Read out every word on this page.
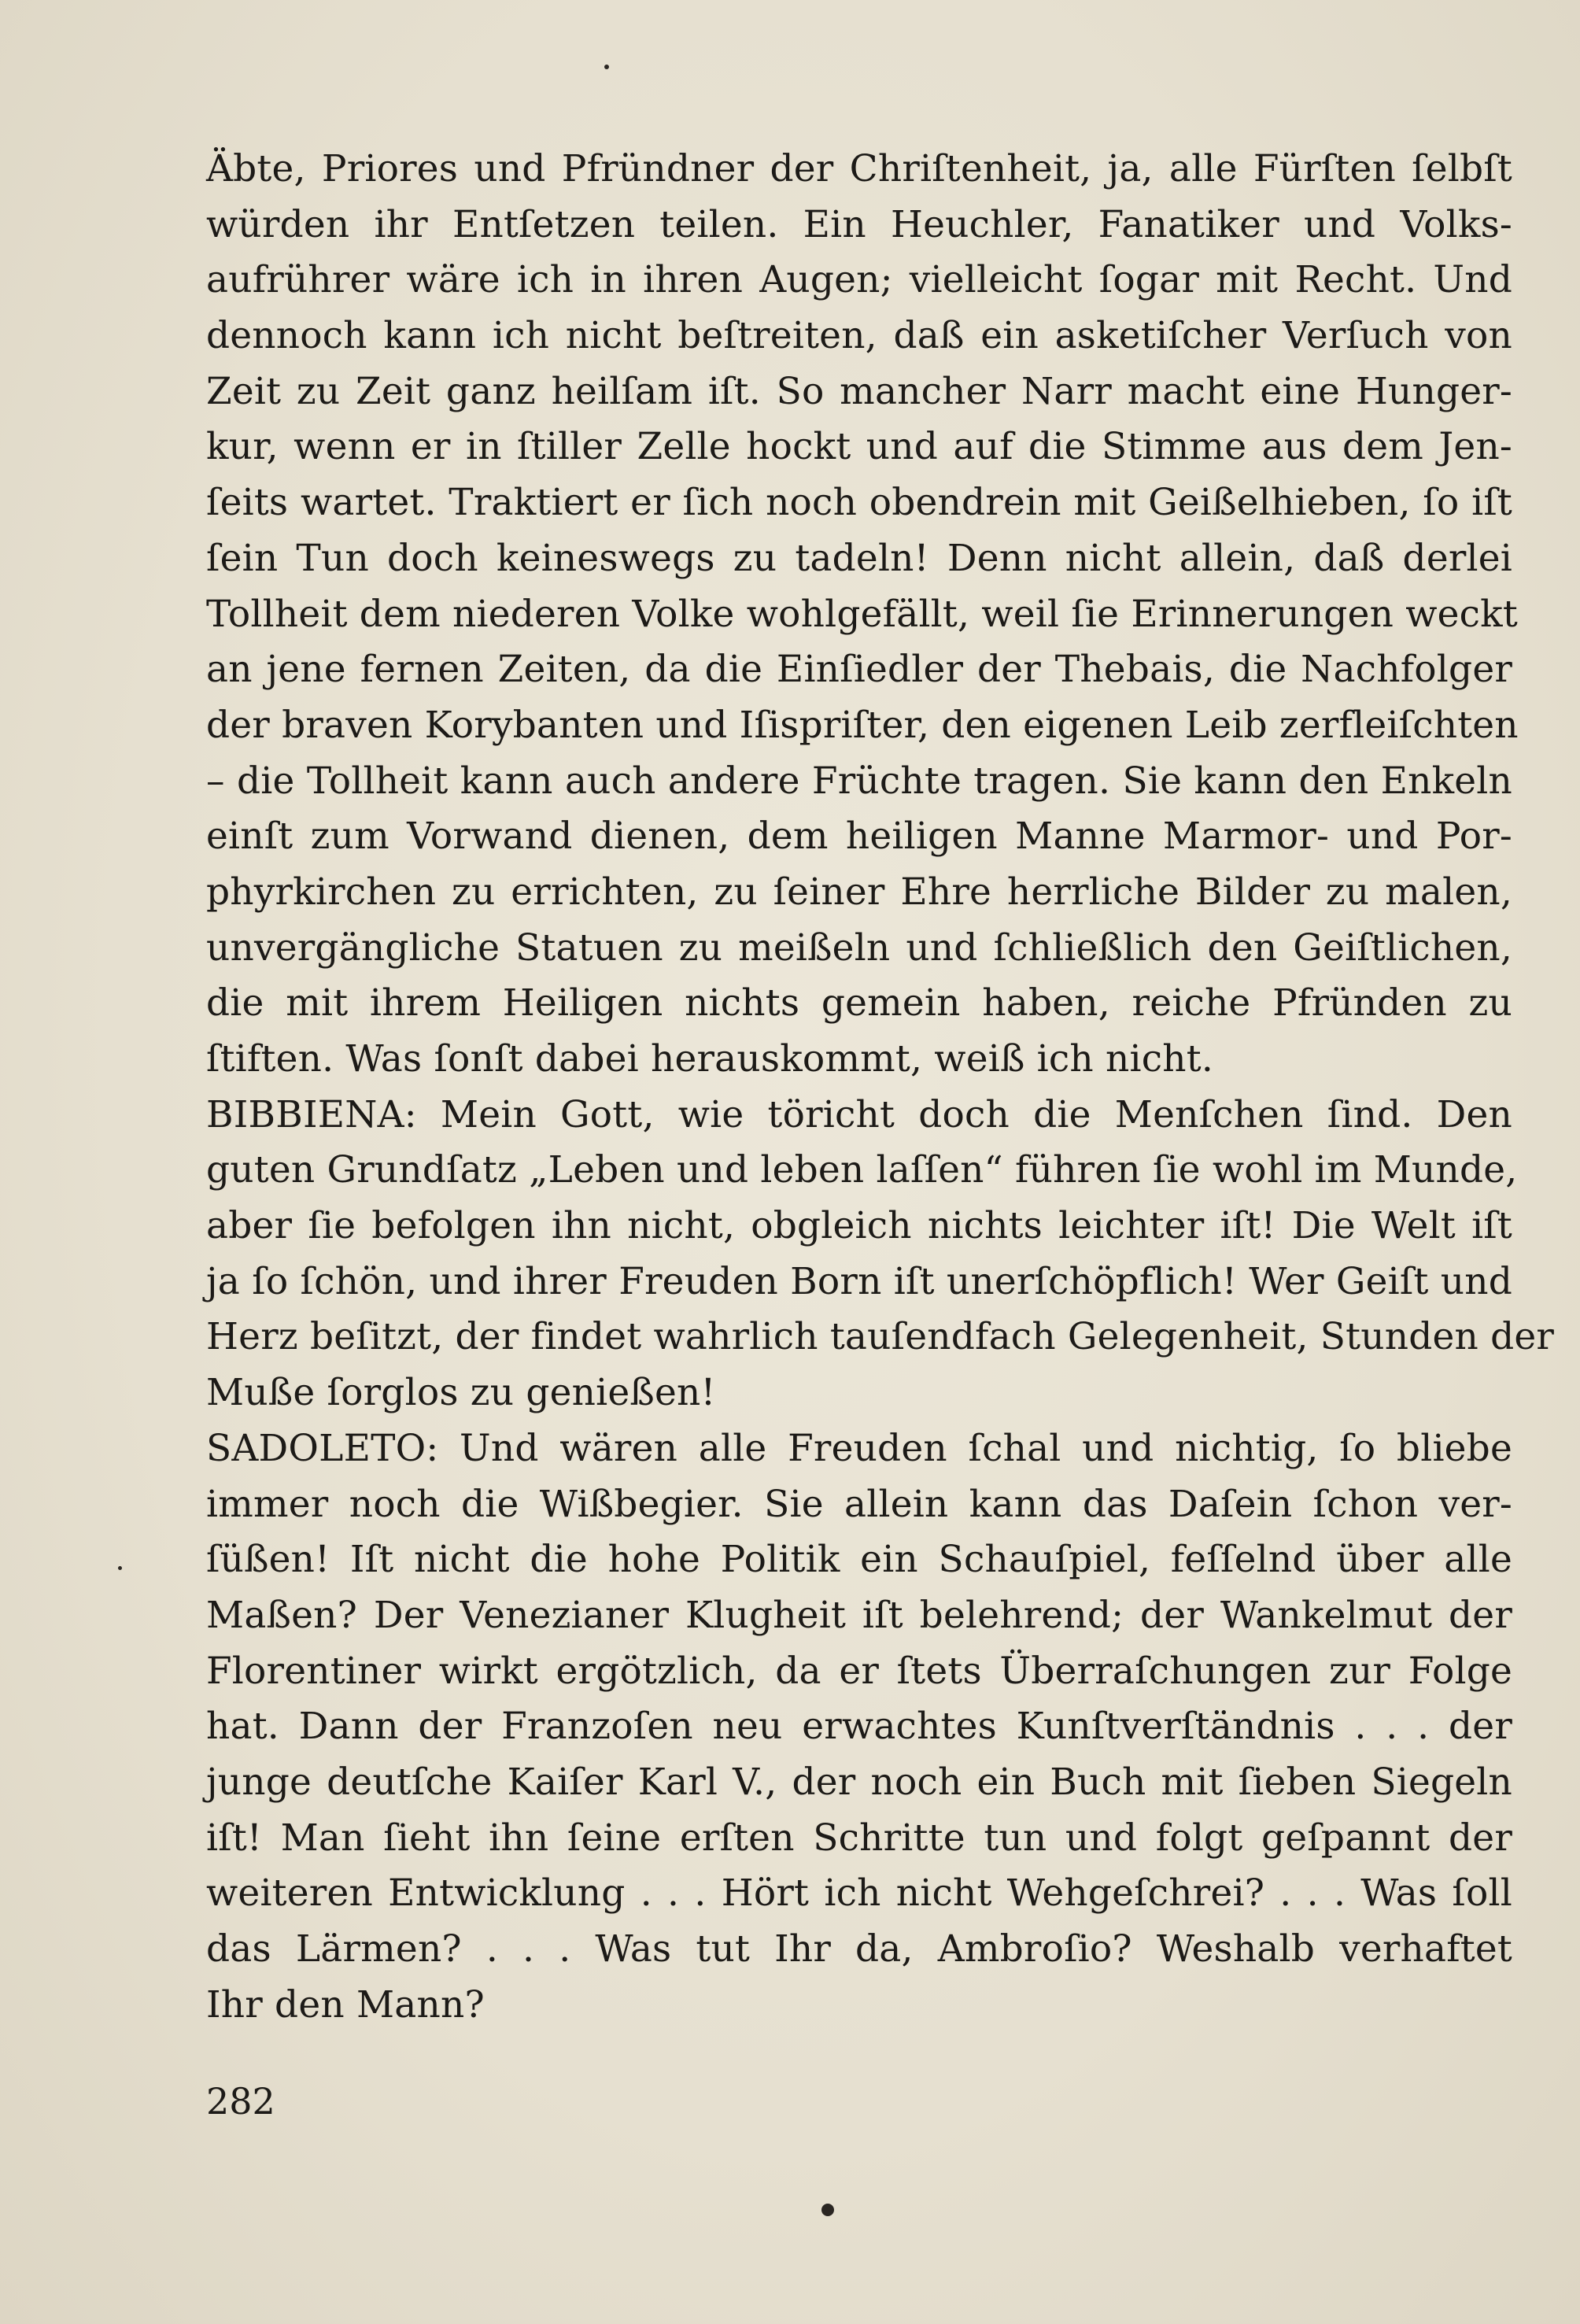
Äbte, Priores und Pfründner der Chriſtenheit, ja, alle Fürſten ſelbſt
würden ihr Entſetzen teilen. Ein Heuchler, Fanatiker und Volks-
aufrührer wäre ich in ihren Augen; vielleicht ſogar mit Recht. Und
dennoch kann ich nicht beſtreiten, daß ein asketiſcher Verſuch von
Zeit zu Zeit ganz heilſam iſt. So mancher Narr macht eine Hunger-
kur, wenn er in ſtiller Zelle hockt und auf die Stimme aus dem Jen-
ſeits wartet. Traktiert er ſich noch obendrein mit Geißelhieben, ſo iſt
ſein Tun doch keineswegs zu tadeln! Denn nicht allein, daß derlei
Tollheit dem niederen Volke wohlgefällt, weil ſie Erinnerungen weckt
an jene fernen Zeiten, da die Einſiedler der Thebais, die Nachfolger
der braven Korybanten und Iſispriſter, den eigenen Leib zerfleiſchten
– die Tollheit kann auch andere Früchte tragen. Sie kann den Enkeln
einſt zum Vorwand dienen, dem heiligen Manne Marmor- und Por-
phyrkirchen zu errichten, zu ſeiner Ehre herrliche Bilder zu malen,
unvergängliche Statuen zu meißeln und ſchließlich den Geiſtlichen,
die mit ihrem Heiligen nichts gemein haben, reiche Pfründen zu
ſtiften. Was ſonſt dabei herauskommt, weiß ich nicht.
BIBBIENA: Mein Gott, wie töricht doch die Menſchen ſind. Den
guten Grundſatz „Leben und leben laſſen“ führen ſie wohl im Munde,
aber ſie befolgen ihn nicht, obgleich nichts leichter iſt! Die Welt iſt
ja ſo ſchön, und ihrer Freuden Born iſt unerſchöpflich! Wer Geiſt und
Herz beſitzt, der findet wahrlich tauſendfach Gelegenheit, Stunden der
Muße ſorglos zu genießen!
SADOLETO: Und wären alle Freuden ſchal und nichtig, ſo bliebe
immer noch die Wißbegier. Sie allein kann das Daſein ſchon ver-
ſüßen! Iſt nicht die hohe Politik ein Schauſpiel, feſſelnd über alle
Maßen? Der Venezianer Klugheit iſt belehrend; der Wankelmut der
Florentiner wirkt ergötzlich, da er ſtets Überraſchungen zur Folge
hat. Dann der Franzoſen neu erwachtes Kunſtverſtändnis . . . der
junge deutſche Kaiſer Karl V., der noch ein Buch mit ſieben Siegeln
iſt! Man ſieht ihn ſeine erſten Schritte tun und folgt geſpannt der
weiteren Entwicklung . . . Hört ich nicht Wehgeſchrei? . . . Was ſoll
das Lärmen? . . . Was tut Ihr da, Ambroſio? Weshalb verhaftet
Ihr den Mann?
282
